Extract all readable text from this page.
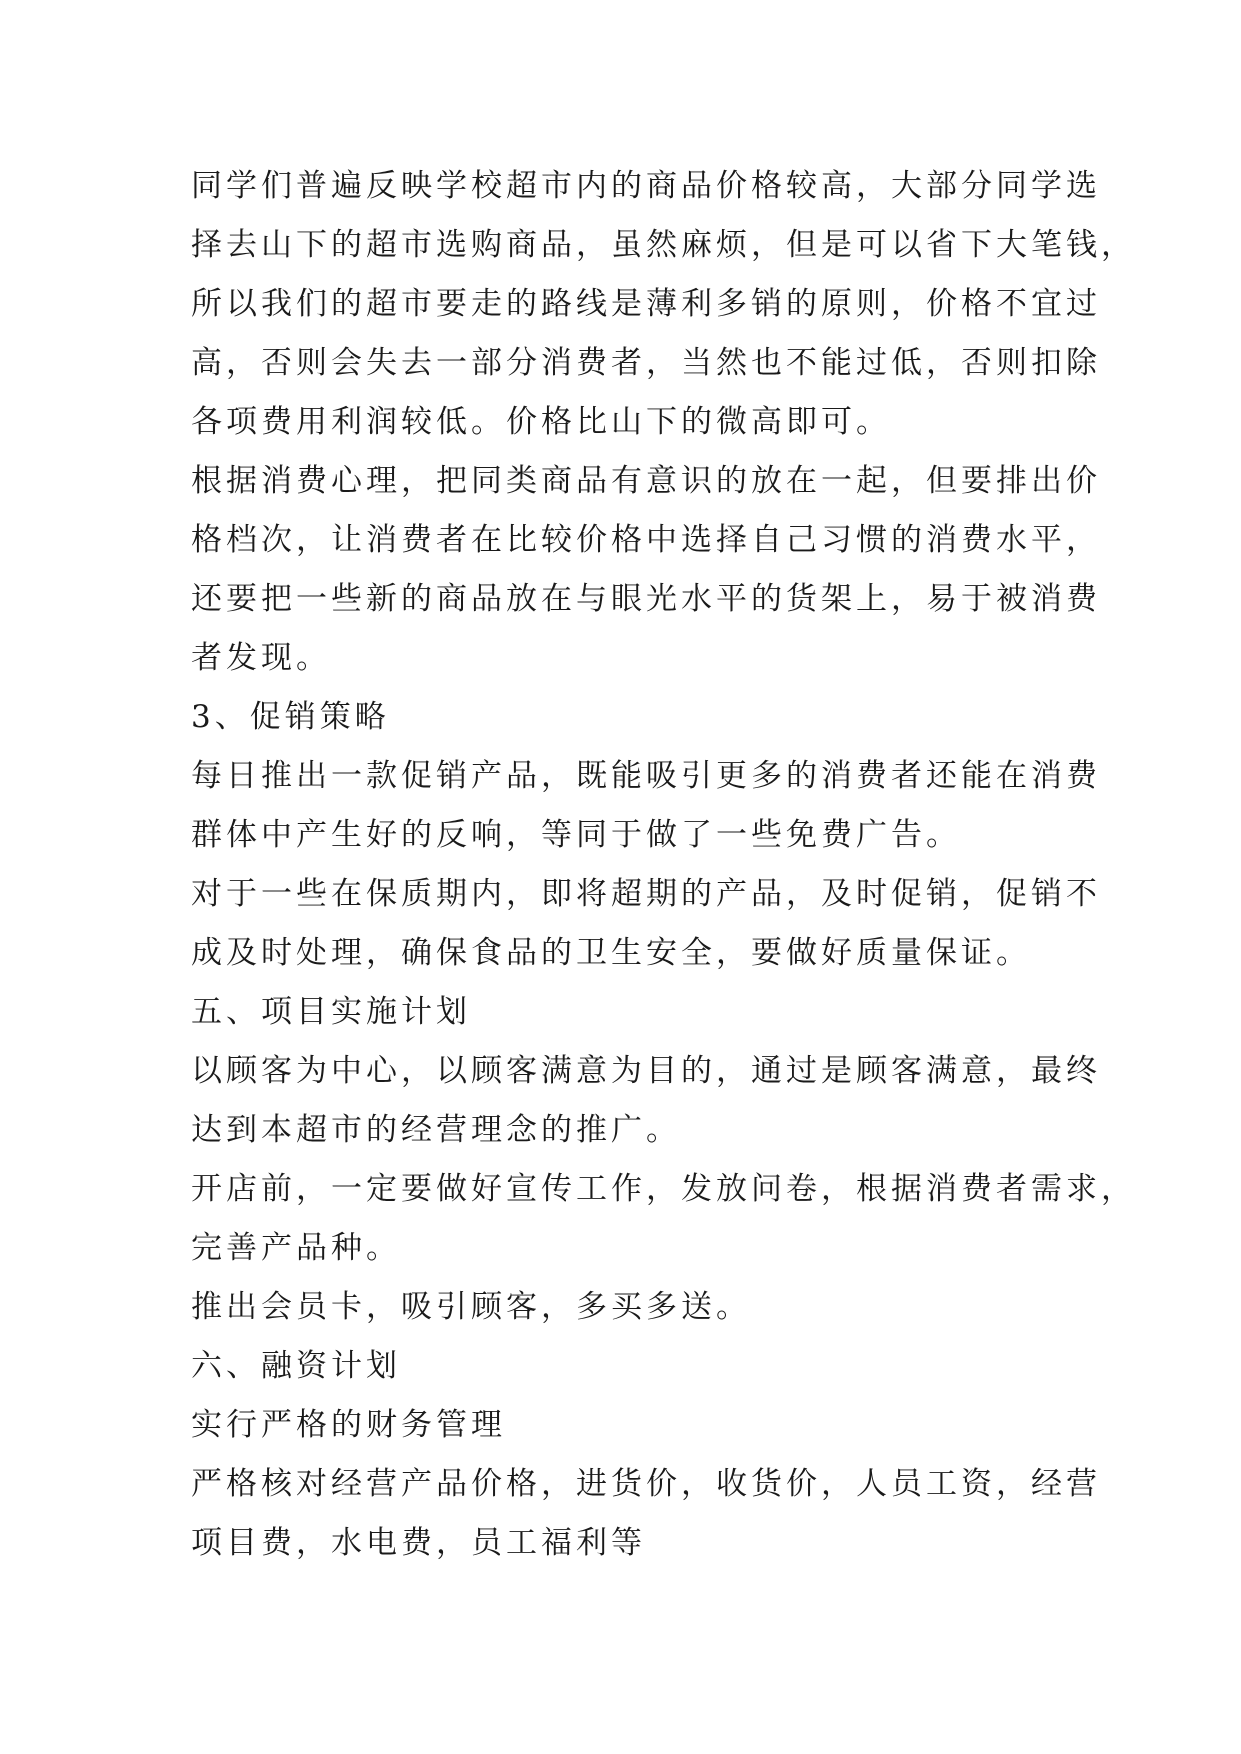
同学们普遍反映学校超市内的商品价格较高，大部分同学选
择去山下的超市选购商品，虽然麻烦，但是可以省下大笔钱，
所以我们的超市要走的路线是薄利多销的原则，价格不宜过
高，否则会失去一部分消费者，当然也不能过低，否则扣除
各项费用利润较低。价格比山下的微高即可。
根据消费心理，把同类商品有意识的放在一起，但要排出价
格档次，让消费者在比较价格中选择自己习惯的消费水平，
还要把一些新的商品放在与眼光水平的货架上，易于被消费
者发现。
3、促销策略
每日推出一款促销产品，既能吸引更多的消费者还能在消费
群体中产生好的反响，等同于做了一些免费广告。
对于一些在保质期内，即将超期的产品，及时促销，促销不
成及时处理，确保食品的卫生安全，要做好质量保证。
五、项目实施计划
以顾客为中心，以顾客满意为目的，通过是顾客满意，最终
达到本超市的经营理念的推广。
开店前，一定要做好宣传工作，发放问卷，根据消费者需求，
完善产品种。
推出会员卡，吸引顾客，多买多送。
六、融资计划
实行严格的财务管理
严格核对经营产品价格，进货价，收货价，人员工资，经营
项目费，水电费，员工福利等
